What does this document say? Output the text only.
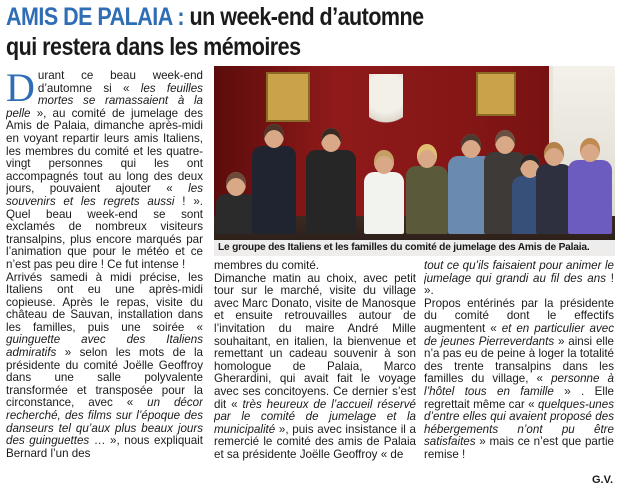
AMIS DE PALAIA : un week-end d’automne
qui restera dans les mémoires

D urant ce beau week-end d’automne si « les feuilles mortes se ramassaient à la pelle », au comité de jumelage des Amis de Palaia, dimanche après-midi en voyant repartir leurs amis Italiens, les membres du comité et les quatre-vingt personnes qui les ont accompagnés tout au long des deux jours, pouvaient ajouter « les souvenirs et les regrets aussi ! ». Quel beau week-end se sont exclamés de nombreux visiteurs transalpins, plus encore marqués par l’animation que pour le météo et ce n’est pas peu dire ! Ce fut intense !

Arrivés samedi à midi précise, les Italiens ont eu une après-midi copieuse. Après le repas, visite du château de Sauvan, installation dans les familles, puis une soirée « guinguette avec des Italiens admiratifs » selon les mots de la présidente du comité Joëlle Geoffroy dans une salle polyvalente transformée et transposée pour la circonstance, avec « un décor recherché, des films sur l’époque des danseurs tel qu’aux plus beaux jours des guinguettes … », nous expliquait Bernard l’un des

Le groupe des Italiens et les familles du comité de jumelage des Amis de Palaia.

membres du comité.

Dimanche matin au choix, avec petit tour sur le marché, visite du village avec Marc Donato, visite de Manosque et ensuite retrouvailles autour de l’invitation du maire André Mille souhaitant, en italien, la bienvenue et remettant un cadeau souvenir à son homologue de Palaia, Marco Gherardini, qui avait fait le voyage avec ses concitoyens. Ce dernier s’est dit « très heureux de l’accueil réservé par le comité de jumelage et la municipalité », puis avec insistance il a remercié le comité des amis de Palaia et sa présidente Joëlle Geoffroy « de

tout ce qu’ils faisaient pour animer le jumelage qui grandi au fil des ans ! ».

Propos entérinés par la présidente du comité dont le effectifs augmentent « et en particulier avec de jeunes Pierreverdants » ainsi elle n’a pas eu de peine à loger la totalité des trente transalpins dans les familles du village, « personne à l’hôtel tous en famille » . Elle regrettait même car « quelques-unes d’entre elles qui avaient proposé des hébergements n’ont pu être satisfaites » mais ce n’est que partie remise !

G.V.
